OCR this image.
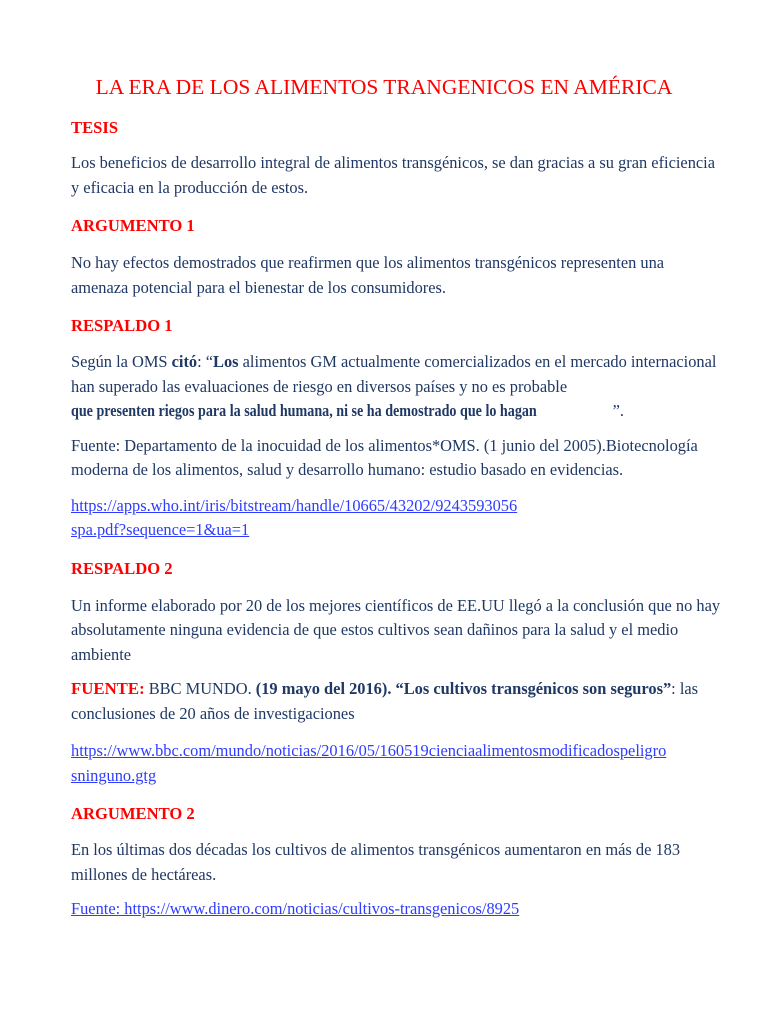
LA ERA DE LOS ALIMENTOS TRANGENICOS EN AMÉRICA
TESIS

Los beneficios de desarrollo integral de alimentos transgénicos, se dan gracias a su gran eficiencia y eficacia en la producción de estos.

ARGUMENTO 1

No hay efectos demostrados que reafirmen que los alimentos transgénicos representen una amenaza potencial para el bienestar de los consumidores.

RESPALDO 1

Según la OMS citó: “Los alimentos GM actualmente comercializados en el mercado internacional han superado las evaluaciones de riesgo en diversos países y no es probable que presenten riegos para la salud humana, ni se ha demostrado que lo hagan	”.

Fuente: Departamento de la inocuidad de los alimentos*OMS. (1 junio del 2005).Biotecnología moderna de los alimentos, salud y desarrollo humano: estudio basado en evidencias.

https://apps.who.int/iris/bitstream/handle/10665/43202/9243593056
spa.pdf?sequence=1&ua=1

RESPALDO 2

Un informe elaborado por 20 de los mejores científicos de EE.UU llegó a la conclusión que no hay absolutamente ninguna evidencia de que estos cultivos sean dañinos para la salud y el medio ambiente

FUENTE: BBC MUNDO. (19 mayo del 2016). “Los cultivos transgénicos son seguros”: las conclusiones de 20 años de investigaciones

https://www.bbc.com/mundo/noticias/2016/05/160519cienciaalimentosmodificadospeligro
sninguno.gtg

ARGUMENTO 2

En los últimas dos décadas los cultivos de alimentos transgénicos aumentaron en más de 183 millones de hectáreas.

Fuente: https://www.dinero.com/noticias/cultivos-transgenicos/8925
